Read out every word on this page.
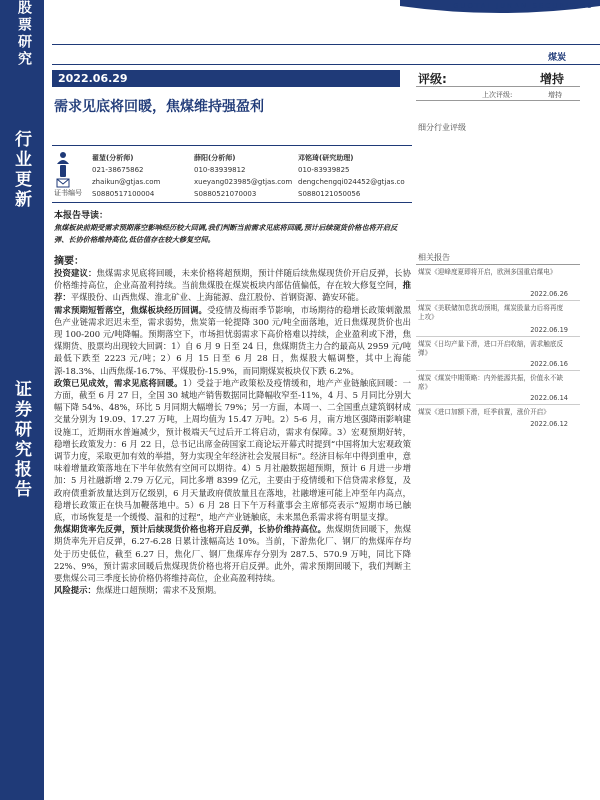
股票研究
行业更新
证券研究报告
GUOTAI JUNAN SECURITIES
煤炭
2022.06.29
需求见底将回暖，焦煤维持强盈利
评级:	增持
上次评级:	增持
细分行业评级
翟堃(分析师)
021-38675862
zhaikun@gtjas.com
S0880517100004
薛阳(分析师)
010-83939812
xueyang023985@gtjas.com
S0880521070003
邓铭琦(研究助理)
010-83939825
dengchengqi024452@gtjas.co
S0880121050056
证书编号
本报告导读：
焦煤板块前期受需求预期落空影响经历较大回调,我们判断当前需求见底将回暖,预计后续现货价格也将开启反弹、长协价格维持高位,低估值存在较大修复空间。
摘要：

投资建议：焦煤需求见底将回暖，未来价格将超预期，预计伴随后续焦煤现货价开启反弹，长协价格维持高位，企业高盈利持续。当前焦煤股在煤炭板块内部估值偏低，存在较大修复空间，推荐：平煤股份、山西焦煤、淮北矿业、上海能源、盘江股份、首钢资源、潞安环能。

需求预期短暂落空，焦煤板块经历回调。受疫情及梅雨季节影响，市场期待的稳增长政策刺激黑色产业链需求迟迟未至，需求弱势，焦炭第一轮提降 300 元/吨全面落地，近日焦煤现货价也出现 100-200 元/吨降幅。预期落空下，市场担忧弱需求下高价格难以持续，企业盈利或下滑，焦煤期货、股票均出现较大回调：1）自 6 月 9 日至 24 日，焦煤期货主力合约最高从 2959 元/吨最低下跌至 2223 元/吨；2）6 月 15 日至 6 月 28 日，焦煤股大幅调整，其中上海能源-18.3%、山西焦煤-16.7%、平煤股份-15.9%，而同期煤炭板块仅下跌 6.2%。

政策已见成效，需求见底将回暖。1）受益于地产政策松及疫情缓和，地产产业链触底回暖：一方面，截至 6 月 27 日，全国 30 城地产销售数据同比降幅收窄至-11%，4 月、5 月同比分别大幅下降 54%、48%，环比 5 月同期大幅增长 79%；另一方面，本周一、二全国重点建筑钢材成交量分别为 19.09、17.27 万吨，上周均值为 15.47 万吨。2）5-6 月，南方地区强降雨影响建设施工，近期雨水普遍减少，预计极端天气过后开工将启动，需求有保障。3）宏观预期好转，稳增长政策发力：6 月 22 日，总书记出席金砖国家工商论坛开幕式时提到“中国将加大宏观政策调节力度，采取更加有效的举措，努力实现全年经济社会发展目标”。经济目标年中得到重申，意味着增量政策落地在下半年依然有空间可以期待。4）5 月社融数据超预期，预计 6 月进一步增加：5 月社融新增 2.79 万亿元，同比多增 8399 亿元，主要由于疫情缓和下信贷需求修复，及政府债重新放量达到万亿级别，6 月天量政府债放量且在落地，社融增速可能上冲至年内高点，稳增长政策正在快马加鞭落地中。5）6 月 28 日下午万科董事会主席郁亮表示“短期市场已触底，市场恢复是一个缓慢、温和的过程”，地产产业链触底，未来黑色系需求将有明显支撑。

焦煤期货率先反弹，预计后续现货价格也将开启反弹，长协价维持高位。焦煤期货回暖下，焦煤期货率先开启反弹，6.27-6.28 日累计涨幅高达 10%。当前，下游焦化厂、钢厂的焦煤库存均处于历史低位，截至 6.27 日，焦化厂、钢厂焦煤库存分别为 287.5、570.9 万吨，同比下降 22%、9%，预计需求回暖后焦煤现货价格也将开启反弹。此外，需求预期回暖下，我们判断主要焦煤公司三季度长协价格仍将维持高位，企业高盈利持续。

风险提示：焦煤进口超预期；需求不及预期。

相关报告
煤炭《迎峰度夏即将开启，欧洲多国重启煤电》
2022.06.26
煤炭《美联储加息扰动预期，煤炭股量力后将再度上攻》
2022.06.19
煤炭《日均产量下滑，进口开启收缩，需求触底反弹》
2022.06.16
煤炭《煤炭中期策略：内外能源共振，价值永不缺席》
2022.06.14
煤炭《进口加额下滑，旺季前置，涨价开启》
2022.06.12
